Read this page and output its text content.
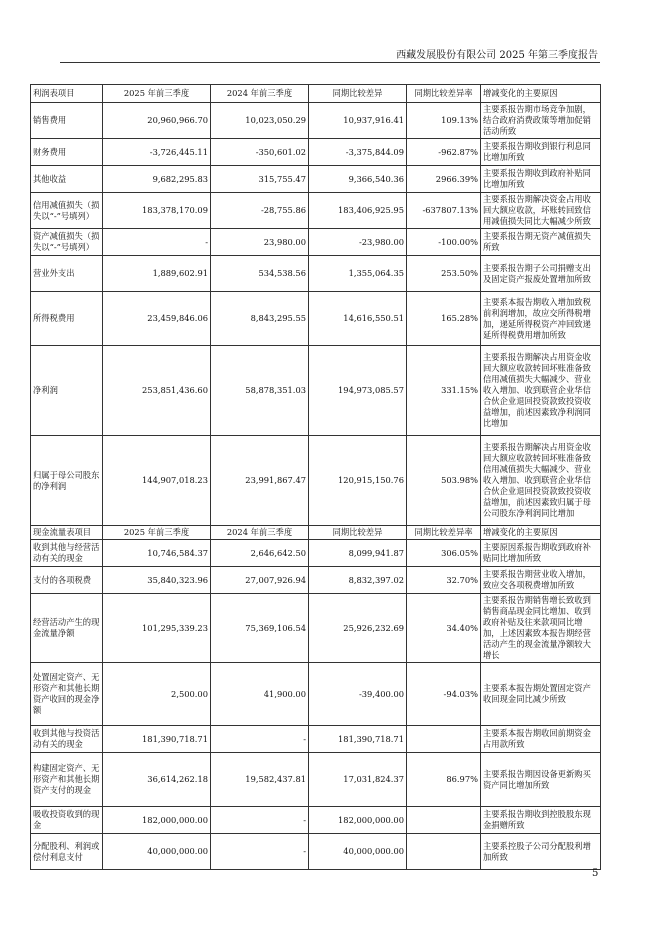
西藏发展股份有限公司 2025 年第三季度报告
利润表项目	2025 年前三季度	2024 年前三季度	同期比较差异	同期比较差异率	增减变化的主要原因
销售费用	20,960,966.70	10,023,050.29	10,937,916.41	109.13%	主要系报告期市场竞争加剧，结合政府消费政策等增加促销活动所致
财务费用	-3,726,445.11	-350,601.02	-3,375,844.09	-962.87%	主要系报告期收到银行利息同比增加所致
其他收益	9,682,295.83	315,755.47	9,366,540.36	2966.39%	主要系报告期收到政府补贴同比增加所致
信用减值损失（损失以“-”号填列）	183,378,170.09	-28,755.86	183,406,925.95	-637807.13%	主要系报告期解决资金占用收回大额应收款，坏账转回致信用减值损失同比大幅减少所致
资产减值损失（损失以“-”号填列）	-	23,980.00	-23,980.00	-100.00%	主要系报告期无资产减值损失所致
营业外支出	1,889,602.91	534,538.56	1,355,064.35	253.50%	主要系报告期子公司捐赠支出及固定资产报废处置增加所致
所得税费用	23,459,846.06	8,843,295.55	14,616,550.51	165.28%	主要系本报告期收入增加致税前利润增加，故应交所得税增加，递延所得税资产冲回致递延所得税费用增加所致
净利润	253,851,436.60	58,878,351.03	194,973,085.57	331.15%	主要系报告期解决占用资金收回大额应收款转回坏账准备致信用减值损失大幅减少、营业收入增加、收到联营企业华信合伙企业退回投资款致投资收益增加，前述因素致净利润同比增加
归属于母公司股东的净利润	144,907,018.23	23,991,867.47	120,915,150.76	503.98%	主要系报告期解决占用资金收回大额应收款转回坏账准备致信用减值损失大幅减少、营业收入增加、收到联营企业华信合伙企业退回投资款致投资收益增加，前述因素致归属于母公司股东净利润同比增加
现金流量表项目	2025 年前三季度	2024 年前三季度	同期比较差异	同期比较差异率	增减变化的主要原因
收到其他与经营活动有关的现金	10,746,584.37	2,646,642.50	8,099,941.87	306.05%	主要原因系报告期收到政府补贴同比增加所致
支付的各项税费	35,840,323.96	27,007,926.94	8,832,397.02	32.70%	主要系报告期营业收入增加，致应交各项税费增加所致
经营活动产生的现金流量净额	101,295,339.23	75,369,106.54	25,926,232.69	34.40%	主要系报告期销售增长致收到销售商品现金同比增加、收到政府补贴及往来款项同比增加，上述因素致本报告期经营活动产生的现金流量净额较大增长
处置固定资产、无形资产和其他长期资产收回的现金净额	2,500.00	41,900.00	-39,400.00	-94.03%	主要系本报告期处置固定资产收回现金同比减少所致
收到其他与投资活动有关的现金	181,390,718.71	-	181,390,718.71		主要系本报告期收回前期资金占用款所致
构建固定资产、无形资产和其他长期资产支付的现金	36,614,262.18	19,582,437.81	17,031,824.37	86.97%	主要系报告期因设备更新购买资产同比增加所致
吸收投资收到的现金	182,000,000.00	-	182,000,000.00		主要系报告期收到控股股东现金捐赠所致
分配股利、利润或偿付利息支付	40,000,000.00	-	40,000,000.00		主要系控股子公司分配股利增加所致
5
